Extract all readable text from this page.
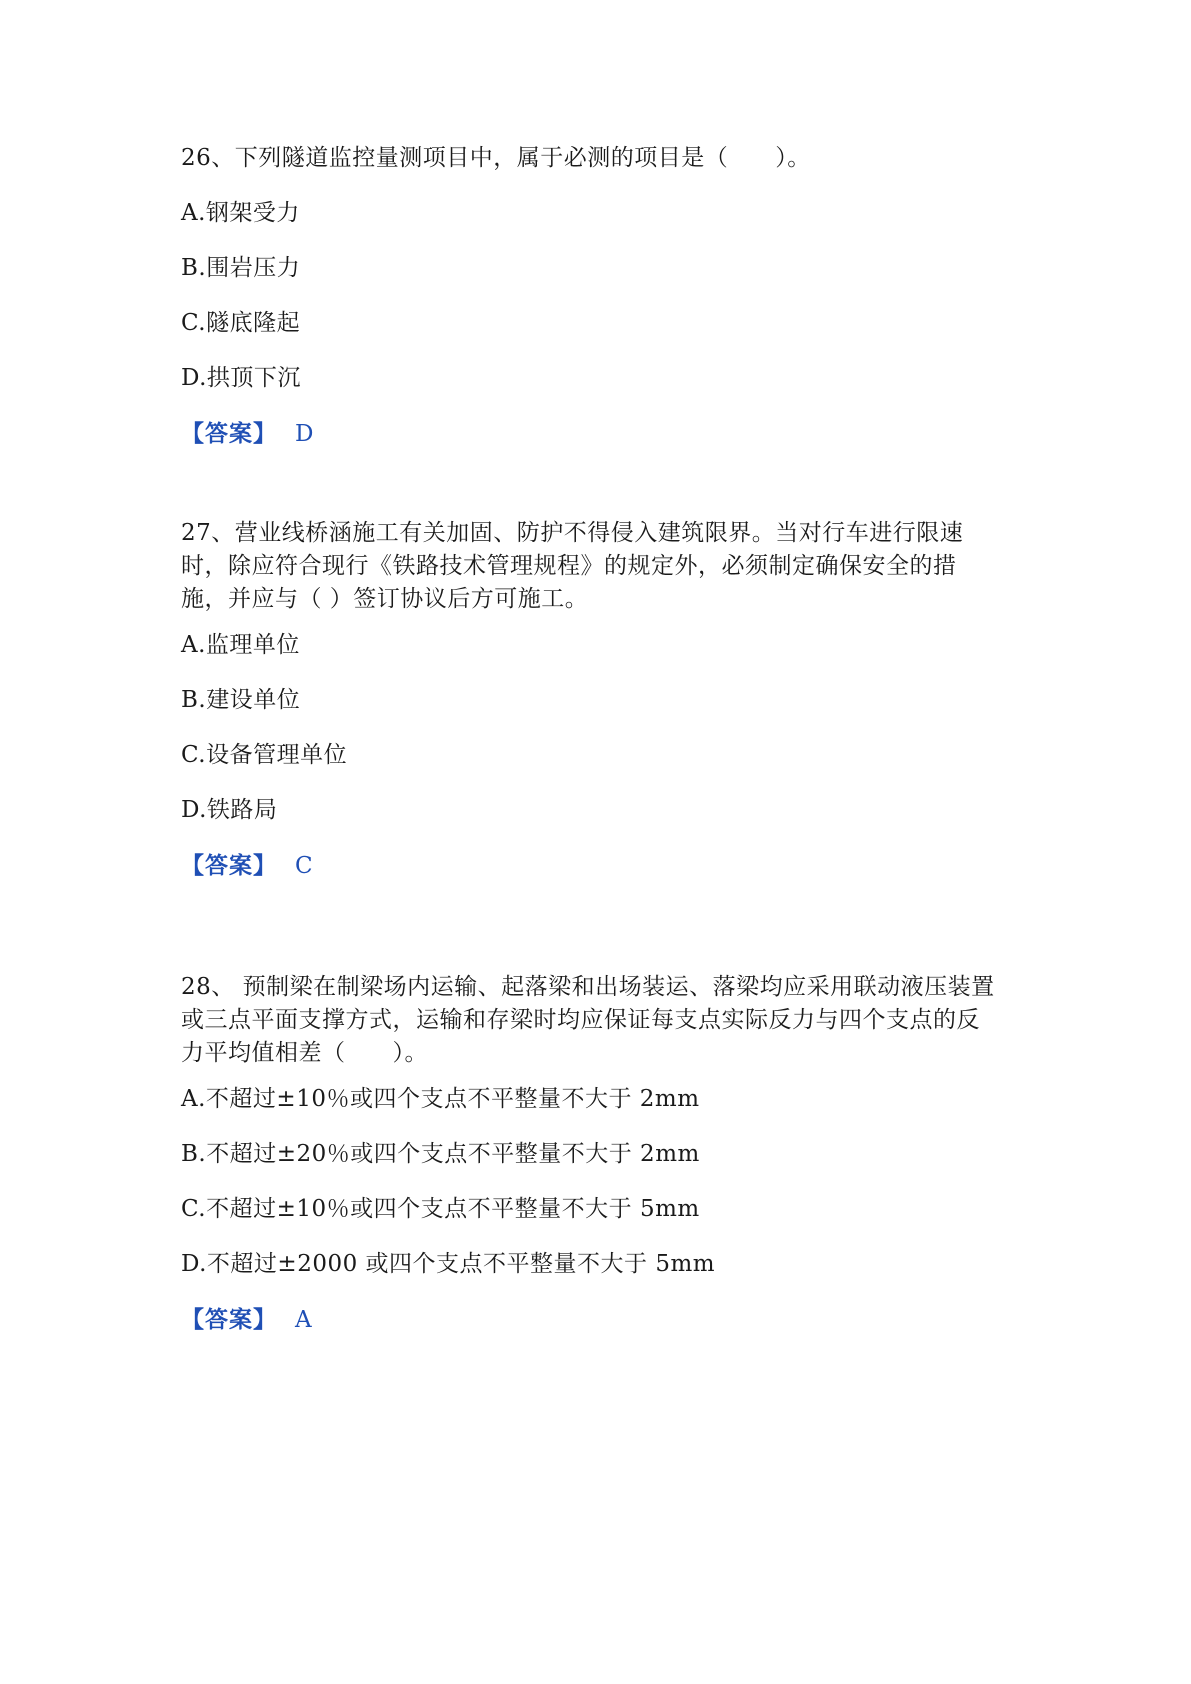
26、下列隧道监控量测项目中，属于必测的项目是（　　）。

A.钢架受力

B.围岩压力

C.隧底隆起

D.拱顶下沉

【答案】 D

27、营业线桥涵施工有关加固、防护不得侵入建筑限界。当对行车进行限速

时，除应符合现行《铁路技术管理规程》的规定外，必须制定确保安全的措

施，并应与（ ）签订协议后方可施工。

A.监理单位

B.建设单位

C.设备管理单位

D.铁路局

【答案】 C

28、 预制梁在制梁场内运输、起落梁和出场装运、落梁均应采用联动液压装置

或三点平面支撑方式，运输和存梁时均应保证每支点实际反力与四个支点的反

力平均值相差（　　）。

A.不超过±10％或四个支点不平整量不大于 2mm

B.不超过±20％或四个支点不平整量不大于 2mm

C.不超过±10％或四个支点不平整量不大于 5mm

D.不超过±2000 或四个支点不平整量不大于 5mm

【答案】 A
